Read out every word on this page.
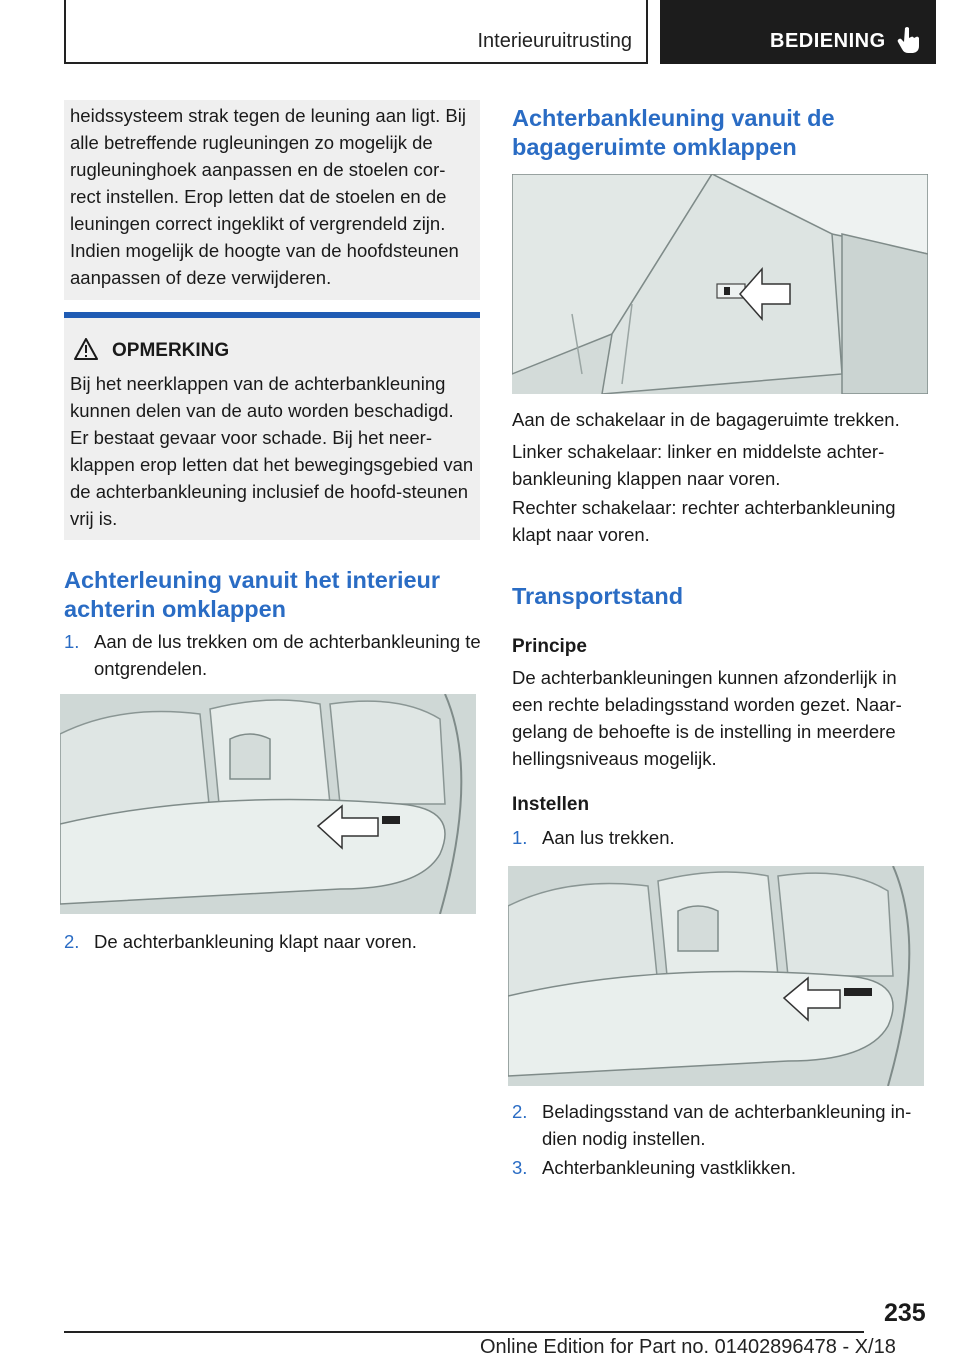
Interieuruitrusting	BEDIENING
heidssysteem strak tegen de leuning aan ligt. Bij alle betreffende rugleuningen zo mogelijk de rugleuninghoek aanpassen en de stoelen cor-rect instellen. Erop letten dat de stoelen en de leuningen correct ingeklikt of vergrendeld zijn. Indien mogelijk de hoogte van de hoofdsteunen aanpassen of deze verwijderen.
OPMERKING
Bij het neerklappen van de achterbankleuning kunnen delen van de auto worden beschadigd. Er bestaat gevaar voor schade. Bij het neer-klappen erop letten dat het bewegingsgebied van de achterbankleuning inclusief de hoofd-steunen vrij is.
Achterleuning vanuit het interieur achterin omklappen
1. Aan de lus trekken om de achterbankleuning te ontgrendelen.
2. De achterbankleuning klapt naar voren.
Achterbankleuning vanuit de bagageruimte omklappen
Aan de schakelaar in de bagageruimte trekken.
Linker schakelaar: linker en middelste achter-bankleuning klappen naar voren.
Rechter schakelaar: rechter achterbankleuning klapt naar voren.
Transportstand
Principe
De achterbankleuningen kunnen afzonderlijk in een rechte beladingsstand worden gezet. Naar-gelang de behoefte is de instelling in meerdere hellingsniveaus mogelijk.
Instellen
1. Aan lus trekken.
2. Beladingsstand van de achterbankleuning in-dien nodig instellen.
3. Achterbankleuning vastklikken.
235
Online Edition for Part no. 01402896478 - X/18
